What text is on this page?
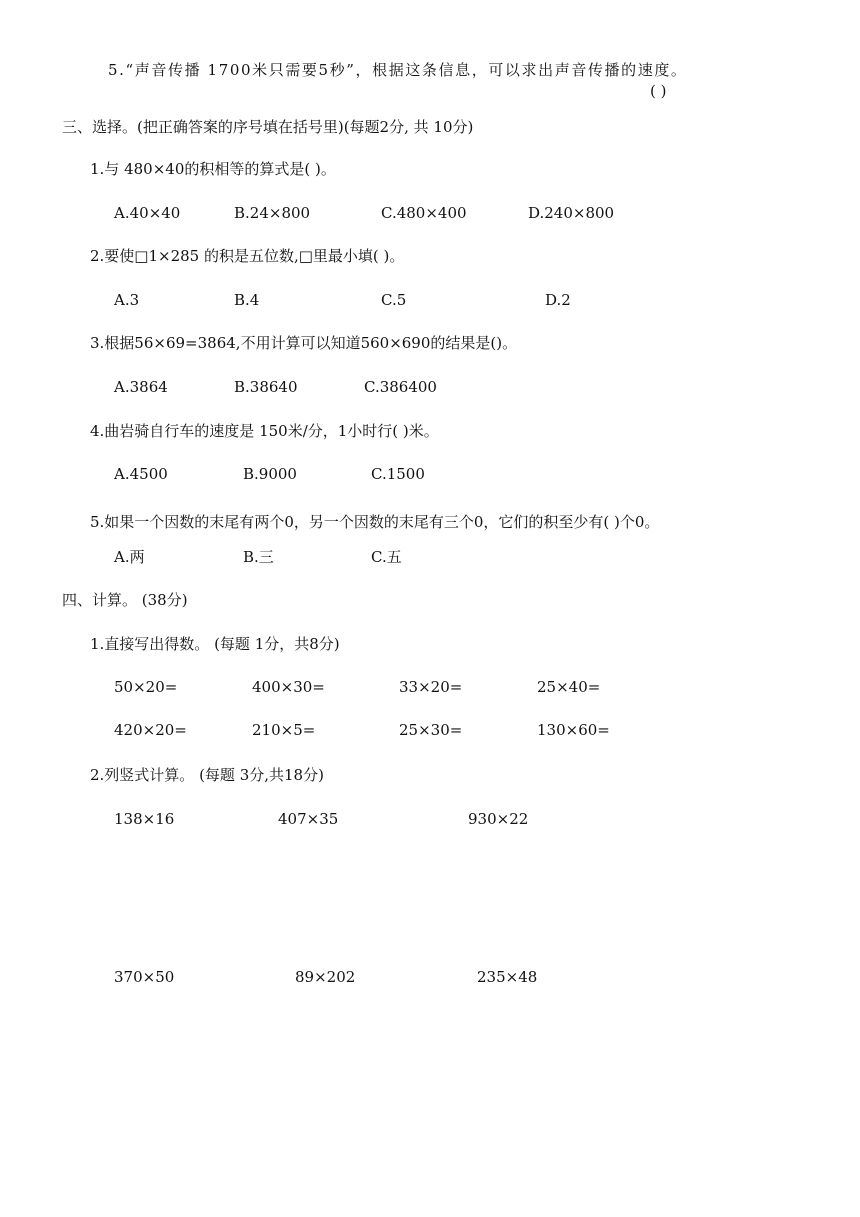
5.“声音传播 1700米只需要5秒”，根据这条信息，可以求出声音传播的速度。
( )
三、选择。(把正确答案的序号填在括号里)(每题2分, 共 10分)
1.与 480×40的积相等的算式是( )。
A.40×40	B.24×800	C.480×400	D.240×800
2.要使□1×285 的积是五位数,□里最小填( )。
A.3	B.4	C.5	D.2
3.根据56×69=3864,不用计算可以知道560×690的结果是()。
A.3864	B.38640	C.386400
4.曲岩骑自行车的速度是 150米/分，1小时行( )米。
A.4500	B.9000	C.1500
5.如果一个因数的末尾有两个0，另一个因数的末尾有三个0，它们的积至少有( )个0。
A.两	B.三	C.五
四、计算。 (38分)
1.直接写出得数。 (每题 1分，共8分)
50×20=	400×30=	33×20=	25×40=
420×20=	210×5=	25×30=	130×60=
2.列竖式计算。 (每题 3分,共18分)
138×16	407×35	930×22
370×50	89×202	235×48
